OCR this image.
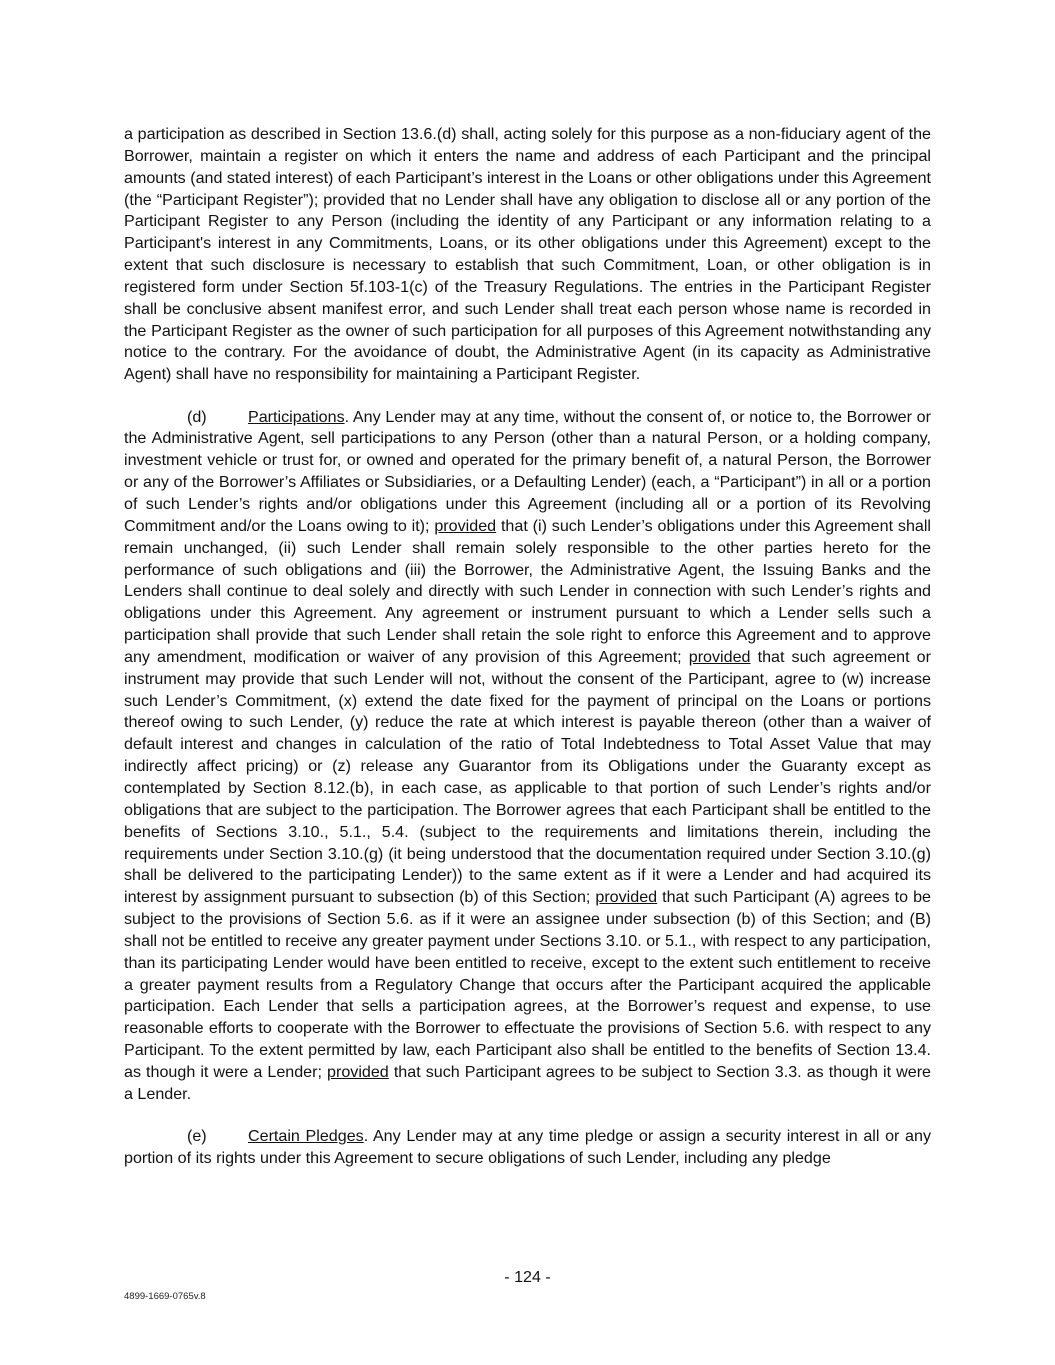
a participation as described in Section 13.6.(d) shall, acting solely for this purpose as a non-fiduciary agent of the Borrower, maintain a register on which it enters the name and address of each Participant and the principal amounts (and stated interest) of each Participant’s interest in the Loans or other obligations under this Agreement (the “Participant Register”); provided that no Lender shall have any obligation to disclose all or any portion of the Participant Register to any Person (including the identity of any Participant or any information relating to a Participant's interest in any Commitments, Loans, or its other obligations under this Agreement) except to the extent that such disclosure is necessary to establish that such Commitment, Loan, or other obligation is in registered form under Section 5f.103-1(c) of the Treasury Regulations. The entries in the Participant Register shall be conclusive absent manifest error, and such Lender shall treat each person whose name is recorded in the Participant Register as the owner of such participation for all purposes of this Agreement notwithstanding any notice to the contrary. For the avoidance of doubt, the Administrative Agent (in its capacity as Administrative Agent) shall have no responsibility for maintaining a Participant Register.

(d)	Participations. Any Lender may at any time, without the consent of, or notice to, the Borrower or the Administrative Agent, sell participations to any Person (other than a natural Person, or a holding company, investment vehicle or trust for, or owned and operated for the primary benefit of, a natural Person, the Borrower or any of the Borrower’s Affiliates or Subsidiaries, or a Defaulting Lender) (each, a “Participant”) in all or a portion of such Lender’s rights and/or obligations under this Agreement (including all or a portion of its Revolving Commitment and/or the Loans owing to it); provided that (i) such Lender’s obligations under this Agreement shall remain unchanged, (ii) such Lender shall remain solely responsible to the other parties hereto for the performance of such obligations and (iii) the Borrower, the Administrative Agent, the Issuing Banks and the Lenders shall continue to deal solely and directly with such Lender in connection with such Lender’s rights and obligations under this Agreement. Any agreement or instrument pursuant to which a Lender sells such a participation shall provide that such Lender shall retain the sole right to enforce this Agreement and to approve any amendment, modification or waiver of any provision of this Agreement; provided that such agreement or instrument may provide that such Lender will not, without the consent of the Participant, agree to (w) increase such Lender’s Commitment, (x) extend the date fixed for the payment of principal on the Loans or portions thereof owing to such Lender, (y) reduce the rate at which interest is payable thereon (other than a waiver of default interest and changes in calculation of the ratio of Total Indebtedness to Total Asset Value that may indirectly affect pricing) or (z) release any Guarantor from its Obligations under the Guaranty except as contemplated by Section 8.12.(b), in each case, as applicable to that portion of such Lender’s rights and/or obligations that are subject to the participation. The Borrower agrees that each Participant shall be entitled to the benefits of Sections 3.10., 5.1., 5.4. (subject to the requirements and limitations therein, including the requirements under Section 3.10.(g) (it being understood that the documentation required under Section 3.10.(g) shall be delivered to the participating Lender)) to the same extent as if it were a Lender and had acquired its interest by assignment pursuant to subsection (b) of this Section; provided that such Participant (A) agrees to be subject to the provisions of Section 5.6. as if it were an assignee under subsection (b) of this Section; and (B) shall not be entitled to receive any greater payment under Sections 3.10. or 5.1., with respect to any participation, than its participating Lender would have been entitled to receive, except to the extent such entitlement to receive a greater payment results from a Regulatory Change that occurs after the Participant acquired the applicable participation. Each Lender that sells a participation agrees, at the Borrower’s request and expense, to use reasonable efforts to cooperate with the Borrower to effectuate the provisions of Section 5.6. with respect to any Participant. To the extent permitted by law, each Participant also shall be entitled to the benefits of Section 13.4. as though it were a Lender; provided that such Participant agrees to be subject to Section 3.3. as though it were a Lender.

(e)	Certain Pledges. Any Lender may at any time pledge or assign a security interest in all or any portion of its rights under this Agreement to secure obligations of such Lender, including any pledge

- 124 -
4899-1669-0765v.8
